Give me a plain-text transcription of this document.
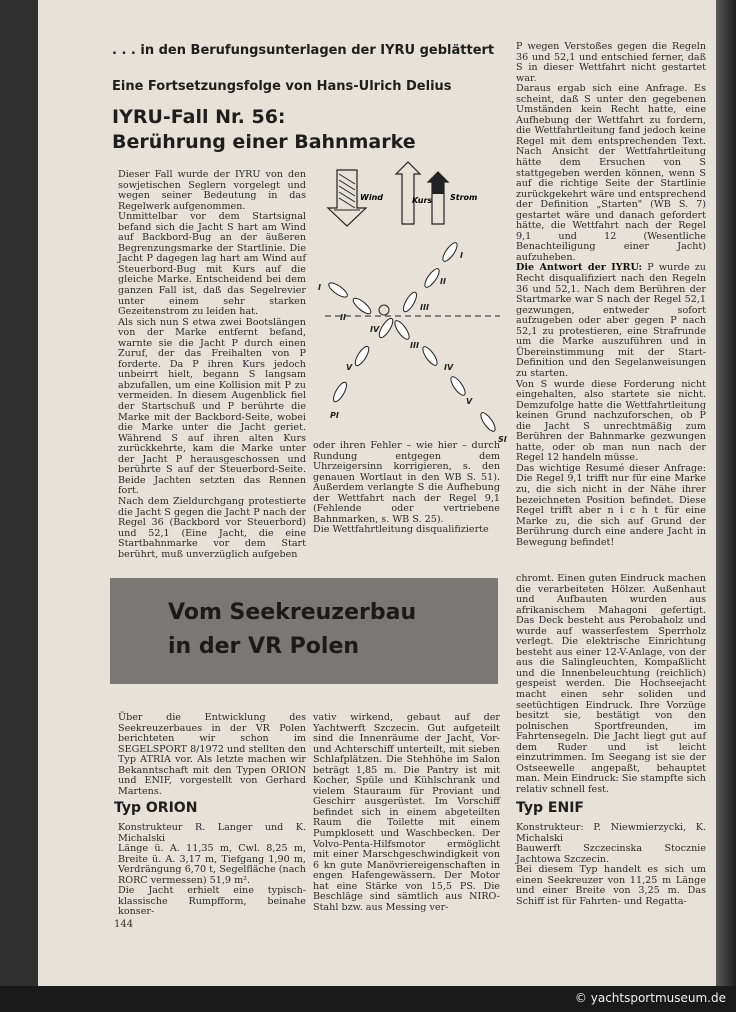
© yachtsportmuseum.de
. . . in den Berufungsunterlagen der IYRU geblättert
Eine Fortsetzungsfolge von Hans-Ulrich Delius
IYRU-Fall Nr. 56:
Berührung einer Bahnmarke

Dieser Fall wurde der IYRU von den sowjetischen Seglern vorgelegt und wegen seiner Bedeutung in das Regelwerk aufgenommen.

Unmittelbar vor dem Startsignal befand sich die Jacht S hart am Wind auf Backbord-Bug an der äußeren Begrenzungsmarke der Startlinie. Die Jacht P dagegen lag hart am Wind auf Steuerbord-Bug mit Kurs auf die gleiche Marke. Entscheidend bei dem ganzen Fall ist, daß das Segelrevier unter einem sehr starken Gezeitenstrom zu leiden hat.

Als sich nun S etwa zwei Bootslängen von der Marke entfernt befand, warnte sie die Jacht P durch einen Zuruf, der das Freihalten von P forderte. Da P ihren Kurs jedoch unbeirrt hielt, begann S langsam abzufallen, um eine Kollision mit P zu vermeiden. In diesem Augenblick fiel der Startschuß und P berührte die Marke mit der Backbord-Seite, wobei die Marke unter die Jacht geriet. Während S auf ihren alten Kurs zurückkehrte, kam die Marke unter der Jacht P herausgeschossen und berührte S auf der Steuerbord-Seite. Beide Jachten setzten das Rennen fort.

Nach dem Zieldurchgang protestierte die Jacht S gegen die Jacht P nach der Regel 36 (Backbord vor Steuerbord) und 52,1 (Eine Jacht, die eine Startbahnmarke vor dem Start berührt, muß unverzüglich aufgeben

Wind	Kurs Strom
I
II
III
IV
V
I
II
III
IV
V
PI
SI

oder ihren Fehler – wie hier – durch Rundung entgegen dem Uhrzeigersinn korrigieren, s. den genauen Wortlaut in den WB S. 51). Außerdem verlangte S die Aufhebung der Wettfahrt nach der Regel 9,1 (Fehlende oder vertriebene Bahnmarken, s. WB S. 25).

Die Wettfahrtleitung disqualifizierte

P wegen Verstoßes gegen die Regeln 36 und 52,1 und entschied ferner, daß S in dieser Wettfahrt nicht gestartet war.

Daraus ergab sich eine Anfrage. Es scheint, daß S unter den gegebenen Umständen kein Recht hatte, eine Aufhebung der Wettfahrt zu fordern, die Wettfahrtleitung fand jedoch keine Regel mit dem entsprechenden Text. Nach Ansicht der Wettfahrtleitung hätte dem Ersuchen von S stattgegeben werden können, wenn S auf die richtige Seite der Startlinie zurückgekehrt wäre und entsprechend der Definition „Starten" (WB S. 7) gestartet wäre und danach gefordert hätte, die Wettfahrt nach der Regel 9,1 und 12 (Wesentliche Benachteiligung einer Jacht) aufzuheben.

Die Antwort der IYRU: P wurde zu Recht disqualifiziert nach den Regeln 36 und 52,1. Nach dem Berühren der Startmarke war S nach der Regel 52,1 gezwungen, entweder sofort aufzugeben oder aber gegen P nach 52,1 zu protestieren, eine Strafrunde um die Marke auszuführen und in Übereinstimmung mit der Start-Definition und den Segelanweisungen zu starten.

Von S wurde diese Forderung nicht eingehalten, also startete sie nicht. Demzufolge hatte die Wettfahrtleitung keinen Grund nachzuforschen, ob P die Jacht S unrechtmäßig zum Berühren der Bahnmarke gezwungen hatte, oder ob man nun nach der Regel 12 handeln müsse.

Das wichtige Resumé dieser Anfrage: Die Regel 9,1 trifft nur für eine Marke zu, die sich nicht in der Nähe ihrer bezeichneten Position befindet. Diese Regel trifft aber n i c h t für eine Marke zu, die sich auf Grund der Berührung durch eine andere Jacht in Bewegung befindet!

Vom Seekreuzerbau
in der VR Polen

Über die Entwicklung des Seekreuzerbaues in der VR Polen berichteten wir schon im SEGELSPORT 8/1972 und stellten den Typ ATRIA vor. Als letzte machen wir Bekanntschaft mit den Typen ORION und ENIF, vorgestellt von Gerhard Martens.

Typ ORION

Konstrukteur R. Langer und K. Michalski

Länge ü. A. 11,35 m, Cwl. 8,25 m, Breite ü. A. 3,17 m, Tiefgang 1,90 m, Verdrängung 6,70 t, Segelfläche (nach RORC vermessen) 51,9 m².

Die Jacht erhielt eine typisch-klassische Rumpfform, beinahe konser-

144

vativ wirkend, gebaut auf der Yachtwerft Szczecin. Gut aufgeteilt sind die Innenräume der Jacht, Vor- und Achterschiff unterteilt, mit sieben Schlafplätzen. Die Stehhöhe im Salon beträgt 1,85 m. Die Pantry ist mit Kocher, Spüle und Kühlschrank und vielem Stauraum für Proviant und Geschirr ausgerüstet. Im Vorschiff befindet sich in einem abgeteilten Raum die Toilette mit einem Pumpklosett und Waschbecken. Der Volvo-Penta-Hilfsmotor ermöglicht mit einer Marschgeschwindigkeit von 6 kn gute Manövriereigenschaften in engen Hafengewässern. Der Motor hat eine Stärke von 15,5 PS. Die Beschläge sind sämtlich aus NIRO-Stahl bzw. aus Messing ver-

chromt. Einen guten Eindruck machen die verarbeiteten Hölzer. Außenhaut und Aufbauten wurden aus afrikanischem Mahagoni gefertigt. Das Deck besteht aus Perobaholz und wurde auf wasserfestem Sperrholz verlegt. Die elektrische Einrichtung besteht aus einer 12-V-Anlage, von der aus die Salingleuchten, Kompaßlicht und die Innenbeleuchtung (reichlich) gespeist werden. Die Hochseejacht macht einen sehr soliden und seetüchtigen Eindruck. Ihre Vorzüge besitzt sie, bestätigt von den polnischen Sportfreunden, im Fahrtensegeln. Die Jacht liegt gut auf dem Ruder und ist leicht einzutrimmen. Im Seegang ist sie der Ostseewelle angepaßt, behauptet man. Mein Eindruck: Sie stampfte sich relativ schnell fest.

Typ ENIF

Konstrukteur: P. Niewmierzycki, K. Michalski

Bauwerft Szczecinska Stocznie Jachtowa Szczecin.

Bei diesem Typ handelt es sich um einen Seekreuzer von 11,25 m Länge und einer Breite von 3,25 m. Das Schiff ist für Fahrten- und Regatta-
